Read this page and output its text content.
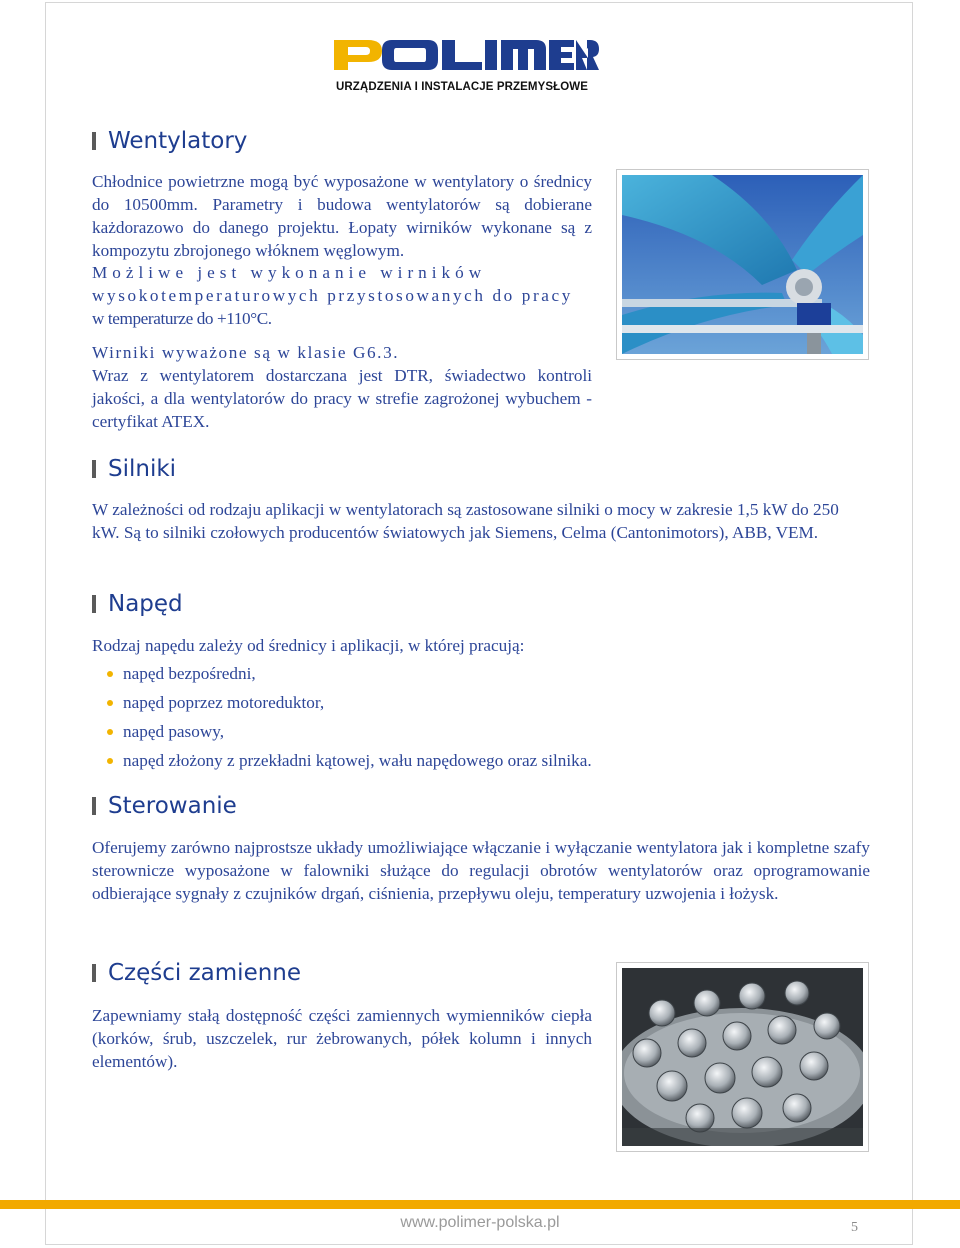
URZĄDZENIA I INSTALACJE PRZEMYSŁOWE
Wentylatory
Chłodnice powietrzne mogą być wyposażone w wentylatory o średnicy do 10500mm. Parametry i budowa wentylatorów są dobierane każdorazowo do danego projektu. Łopaty wirników wykonane są z kompozytu zbrojonego włóknem węglowym.
Możliwe jest wykonanie wirników
wysokotemperaturowych przystosowanych do pracy
w temperaturze do +110°C.
Wirniki wyważone są w klasie G6.3.
Wraz z wentylatorem dostarczana jest DTR, świadectwo kontroli jakości, a dla wentylatorów do pracy w strefie zagrożonej wybuchem - certyfikat ATEX.
Silniki
W zależności od rodzaju aplikacji w wentylatorach są zastosowane silniki o mocy w zakresie 1,5 kW do 250 kW. Są to silniki czołowych producentów światowych jak Siemens, Celma (Cantonimotors), ABB, VEM.
Napęd
Rodzaj napędu zależy od średnicy i aplikacji, w której pracują:
napęd bezpośredni,
napęd poprzez motoreduktor,
napęd pasowy,
napęd złożony z przekładni kątowej, wału napędowego oraz silnika.
Sterowanie
Oferujemy zarówno najprostsze układy umożliwiające włączanie i wyłączanie wentylatora jak i kompletne szafy sterownicze wyposażone w falowniki służące do regulacji obrotów wentylatorów oraz oprogramowanie odbierające sygnały z czujników drgań, ciśnienia, przepływu oleju, temperatury uzwojenia i łożysk.
Części zamienne
Zapewniamy stałą dostępność części zamiennych wymienników ciepła (korków, śrub, uszczelek, rur żebrowanych, półek kolumn i innych elementów).
www.polimer-polska.pl	5
